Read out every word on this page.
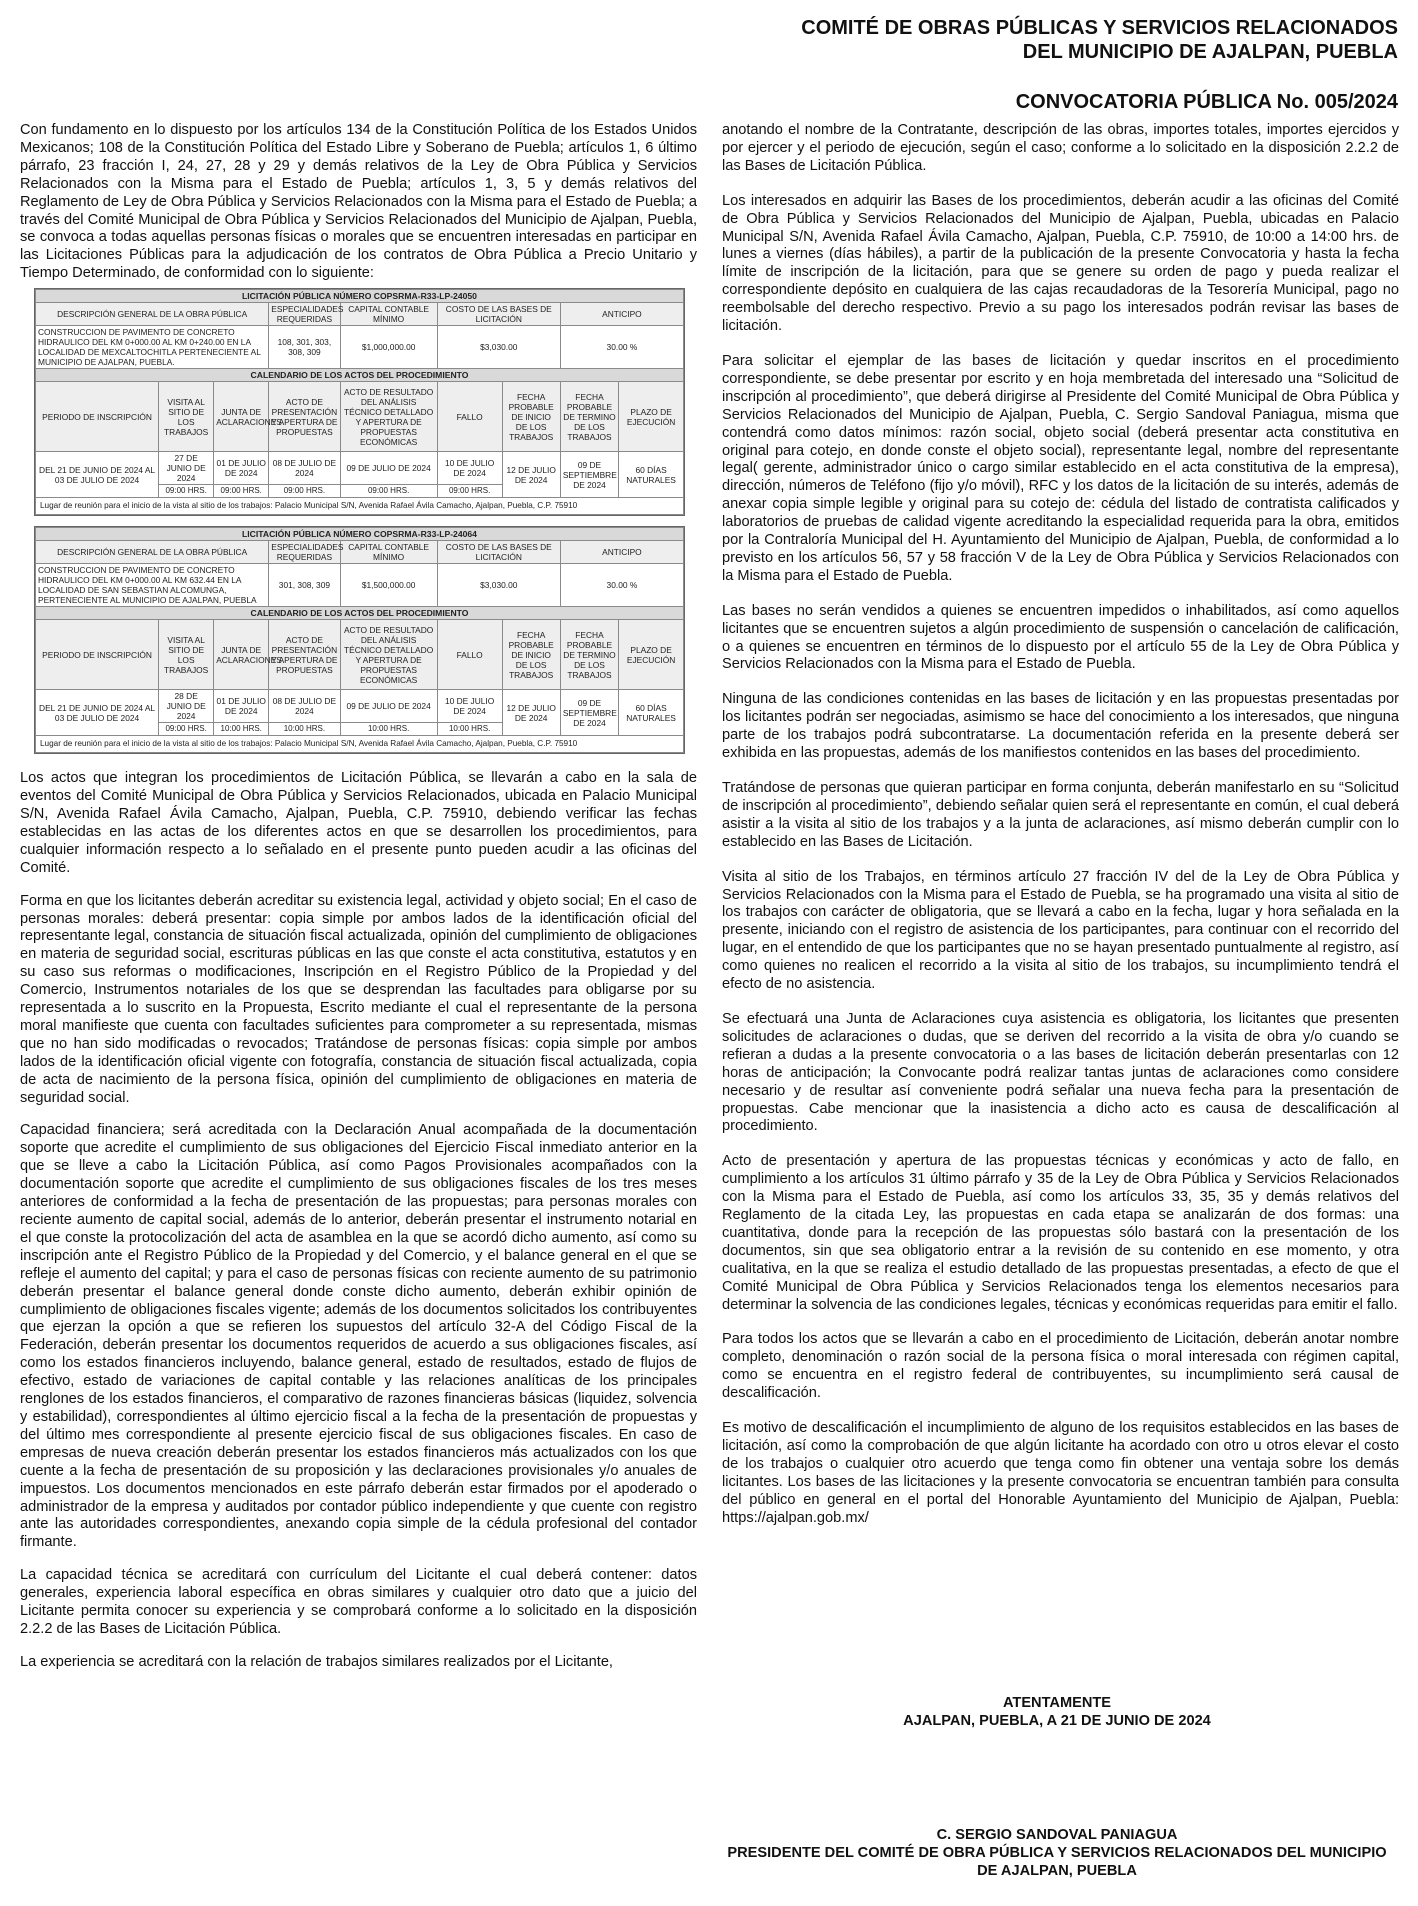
COMITÉ DE OBRAS PÚBLICAS Y SERVICIOS RELACIONADOS
DEL MUNICIPIO DE AJALPAN, PUEBLA
CONVOCATORIA PÚBLICA No. 005/2024

Con fundamento en lo dispuesto por los artículos 134 de la Constitución Política de los Estados Unidos Mexicanos; 108 de la Constitución Política del Estado Libre y Soberano de Puebla; artículos 1, 6 último párrafo, 23 fracción I, 24, 27, 28 y 29 y demás relativos de la Ley de Obra Pública y Servicios Relacionados con la Misma para el Estado de Puebla; artículos 1, 3, 5 y demás relativos del Reglamento de Ley de Obra Pública y Servicios Relacionados con la Misma para el Estado de Puebla; a través del Comité Municipal de Obra Pública y Servicios Relacionados del Municipio de Ajalpan, Puebla, se convoca a todas aquellas personas físicas o morales que se encuentren interesadas en participar en las Licitaciones Públicas para la adjudicación de los contratos de Obra Pública a Precio Unitario y Tiempo Determinado, de conformidad con lo siguiente:

LICITACIÓN PÚBLICA NÚMERO COPSRMA-R33-LP-24050								
DESCRIPCIÓN GENERAL DE LA OBRA PÚBLICA			ESPECIALIDADES REQUERIDAS	CAPITAL CONTABLE MÍNIMO	COSTO DE LAS BASES DE LICITACIÓN		ANTICIPO	
CONSTRUCCION DE PAVIMENTO DE CONCRETO HIDRAULICO DEL KM 0+000.00 AL KM 0+240.00 EN LA LOCALIDAD DE MEXCALTOCHITLA PERTENECIENTE AL MUNICIPIO DE AJALPAN, PUEBLA.			108, 301, 303, 308, 309	$1,000,000.00	$3,030.00		30.00 %	
CALENDARIO DE LOS ACTOS DEL PROCEDIMIENTO								
PERIODO DE INSCRIPCIÓN	VISITA AL SITIO DE LOS TRABAJOS	JUNTA DE ACLARACIONES	ACTO DE PRESENTACIÓN Y APERTURA DE PROPUESTAS	ACTO DE RESULTADO DEL ANÁLISIS TÉCNICO DETALLADO Y APERTURA DE PROPUESTAS ECONÓMICAS	FALLO	FECHA PROBABLE DE INICIO DE LOS TRABAJOS	FECHA PROBABLE DE TERMINO DE LOS TRABAJOS	PLAZO DE EJECUCIÓN
DEL 21 DE JUNIO DE 2024 AL 03 DE JULIO DE 2024	27 DE JUNIO DE 2024	01 DE JULIO DE 2024	08 DE JULIO DE 2024	09 DE JULIO DE 2024	10 DE JULIO DE 2024	12 DE JULIO DE 2024	09 DE SEPTIEMBRE DE 2024	60 DÍAS NATURALES
	09:00 HRS.	09:00 HRS.	09:00 HRS.	09:00 HRS.	09:00 HRS.			
Lugar de reunión para el inicio de la vista al sitio de los trabajos: Palacio Municipal S/N, Avenida Rafael Ávila Camacho, Ajalpan, Puebla, C.P. 75910								
LICITACIÓN PÚBLICA NÚMERO COPSRMA-R33-LP-24064								
DESCRIPCIÓN GENERAL DE LA OBRA PÚBLICA			ESPECIALIDADES REQUERIDAS	CAPITAL CONTABLE MÍNIMO	COSTO DE LAS BASES DE LICITACIÓN		ANTICIPO	
CONSTRUCCION DE PAVIMENTO DE CONCRETO HIDRAULICO DEL KM 0+000.00 AL KM 632.44 EN LA LOCALIDAD DE SAN SEBASTIAN ALCOMUNGA, PERTENECIENTE AL MUNICIPIO DE AJALPAN, PUEBLA			301, 308, 309	$1,500,000.00	$3,030.00		30.00 %	
CALENDARIO DE LOS ACTOS DEL PROCEDIMIENTO								
PERIODO DE INSCRIPCIÓN	VISITA AL SITIO DE LOS TRABAJOS	JUNTA DE ACLARACIONES	ACTO DE PRESENTACIÓN Y APERTURA DE PROPUESTAS	ACTO DE RESULTADO DEL ANÁLISIS TÉCNICO DETALLADO Y APERTURA DE PROPUESTAS ECONÓMICAS	FALLO	FECHA PROBABLE DE INICIO DE LOS TRABAJOS	FECHA PROBABLE DE TERMINO DE LOS TRABAJOS	PLAZO DE EJECUCIÓN
DEL 21 DE JUNIO DE 2024 AL 03 DE JULIO DE 2024	28 DE JUNIO DE 2024	01 DE JULIO DE 2024	08 DE JULIO DE 2024	09 DE JULIO DE 2024	10 DE JULIO DE 2024	12 DE JULIO DE 2024	09 DE SEPTIEMBRE DE 2024	60 DÍAS NATURALES
	09:00 HRS.	10:00 HRS.	10:00 HRS.	10:00 HRS.	10:00 HRS.			
Lugar de reunión para el inicio de la vista al sitio de los trabajos: Palacio Municipal S/N, Avenida Rafael Ávila Camacho, Ajalpan, Puebla, C.P. 75910								

Los actos que integran los procedimientos de Licitación Pública, se llevarán a cabo en la sala de eventos del Comité Municipal de Obra Pública y Servicios Relacionados, ubicada en Palacio Municipal S/N, Avenida Rafael Ávila Camacho, Ajalpan, Puebla, C.P. 75910, debiendo verificar las fechas establecidas en las actas de los diferentes actos en que se desarrollen los procedimientos, para cualquier información respecto a lo señalado en el presente punto pueden acudir a las oficinas del Comité.

Forma en que los licitantes deberán acreditar su existencia legal, actividad y objeto social; En el caso de personas morales: deberá presentar: copia simple por ambos lados de la identificación oficial del representante legal, constancia de situación fiscal actualizada, opinión del cumplimiento de obligaciones en materia de seguridad social, escrituras públicas en las que conste el acta constitutiva, estatutos y en su caso sus reformas o modificaciones, Inscripción en el Registro Público de la Propiedad y del Comercio, Instrumentos notariales de los que se desprendan las facultades para obligarse por su representada a lo suscrito en la Propuesta, Escrito mediante el cual el representante de la persona moral manifieste que cuenta con facultades suficientes para comprometer a su representada, mismas que no han sido modificadas o revocados; Tratándose de personas físicas: copia simple por ambos lados de la identificación oficial vigente con fotografía, constancia de situación fiscal actualizada, copia de acta de nacimiento de la persona física, opinión del cumplimiento de obligaciones en materia de seguridad social.

Capacidad financiera; será acreditada con la Declaración Anual acompañada de la documentación soporte que acredite el cumplimiento de sus obligaciones del Ejercicio Fiscal inmediato anterior en la que se lleve a cabo la Licitación Pública, así como Pagos Provisionales acompañados con la documentación soporte que acredite el cumplimiento de sus obligaciones fiscales de los tres meses anteriores de conformidad a la fecha de presentación de las propuestas; para personas morales con reciente aumento de capital social, además de lo anterior, deberán presentar el instrumento notarial en el que conste la protocolización del acta de asamblea en la que se acordó dicho aumento, así como su inscripción ante el Registro Público de la Propiedad y del Comercio, y el balance general en el que se refleje el aumento del capital; y para el caso de personas físicas con reciente aumento de su patrimonio deberán presentar el balance general donde conste dicho aumento, deberán exhibir opinión de cumplimiento de obligaciones fiscales vigente; además de los documentos solicitados los contribuyentes que ejerzan la opción a que se refieren los supuestos del artículo 32-A del Código Fiscal de la Federación, deberán presentar los documentos requeridos de acuerdo a sus obligaciones fiscales, así como los estados financieros incluyendo, balance general, estado de resultados, estado de flujos de efectivo, estado de variaciones de capital contable y las relaciones analíticas de los principales renglones de los estados financieros, el comparativo de razones financieras básicas (liquidez, solvencia y estabilidad), correspondientes al último ejercicio fiscal a la fecha de la presentación de propuestas y del último mes correspondiente al presente ejercicio fiscal de sus obligaciones fiscales. En caso de empresas de nueva creación deberán presentar los estados financieros más actualizados con los que cuente a la fecha de presentación de su proposición y las declaraciones provisionales y/o anuales de impuestos. Los documentos mencionados en este párrafo deberán estar firmados por el apoderado o administrador de la empresa y auditados por contador público independiente y que cuente con registro ante las autoridades correspondientes, anexando copia simple de la cédula profesional del contador firmante.

La capacidad técnica se acreditará con currículum del Licitante el cual deberá contener: datos generales, experiencia laboral específica en obras similares y cualquier otro dato que a juicio del Licitante permita conocer su experiencia y se comprobará conforme a lo solicitado en la disposición 2.2.2 de las Bases de Licitación Pública.

La experiencia se acreditará con la relación de trabajos similares realizados por el Licitante,

anotando el nombre de la Contratante, descripción de las obras, importes totales, importes ejercidos y por ejercer y el periodo de ejecución, según el caso; conforme a lo solicitado en la disposición 2.2.2 de las Bases de Licitación Pública.

Los interesados en adquirir las Bases de los procedimientos, deberán acudir a las oficinas del Comité de Obra Pública y Servicios Relacionados del Municipio de Ajalpan, Puebla, ubicadas en Palacio Municipal S/N, Avenida Rafael Ávila Camacho, Ajalpan, Puebla, C.P. 75910, de 10:00 a 14:00 hrs. de lunes a viernes (días hábiles), a partir de la publicación de la presente Convocatoria y hasta la fecha límite de inscripción de la licitación, para que se genere su orden de pago y pueda realizar el correspondiente depósito en cualquiera de las cajas recaudadoras de la Tesorería Municipal, pago no reembolsable del derecho respectivo. Previo a su pago los interesados podrán revisar las bases de licitación.

Para solicitar el ejemplar de las bases de licitación y quedar inscritos en el procedimiento correspondiente, se debe presentar por escrito y en hoja membretada del interesado una “Solicitud de inscripción al procedimiento”, que deberá dirigirse al Presidente del Comité Municipal de Obra Pública y Servicios Relacionados del Municipio de Ajalpan, Puebla, C. Sergio Sandoval Paniagua, misma que contendrá como datos mínimos: razón social, objeto social (deberá presentar acta constitutiva en original para cotejo, en donde conste el objeto social), representante legal, nombre del representante legal( gerente, administrador único o cargo similar establecido en el acta constitutiva de la empresa), dirección, números de Teléfono (fijo y/o móvil), RFC y los datos de la licitación de su interés, además de anexar copia simple legible y original para su cotejo de: cédula del listado de contratista calificados y laboratorios de pruebas de calidad vigente acreditando la especialidad requerida para la obra, emitidos por la Contraloría Municipal del H. Ayuntamiento del Municipio de Ajalpan, Puebla, de conformidad a lo previsto en los artículos 56, 57 y 58 fracción V de la Ley de Obra Pública y Servicios Relacionados con la Misma para el Estado de Puebla.

Las bases no serán vendidos a quienes se encuentren impedidos o inhabilitados, así como aquellos licitantes que se encuentren sujetos a algún procedimiento de suspensión o cancelación de calificación, o a quienes se encuentren en términos de lo dispuesto por el artículo 55 de la Ley de Obra Pública y Servicios Relacionados con la Misma para el Estado de Puebla.

Ninguna de las condiciones contenidas en las bases de licitación y en las propuestas presentadas por los licitantes podrán ser negociadas, asimismo se hace del conocimiento a los interesados, que ninguna parte de los trabajos podrá subcontratarse. La documentación referida en la presente deberá ser exhibida en las propuestas, además de los manifiestos contenidos en las bases del procedimiento.

Tratándose de personas que quieran participar en forma conjunta, deberán manifestarlo en su “Solicitud de inscripción al procedimiento”, debiendo señalar quien será el representante en común, el cual deberá asistir a la visita al sitio de los trabajos y a la junta de aclaraciones, así mismo deberán cumplir con lo establecido en las Bases de Licitación.

Visita al sitio de los Trabajos, en términos artículo 27 fracción IV del de la Ley de Obra Pública y Servicios Relacionados con la Misma para el Estado de Puebla, se ha programado una visita al sitio de los trabajos con carácter de obligatoria, que se llevará a cabo en la fecha, lugar y hora señalada en la presente, iniciando con el registro de asistencia de los participantes, para continuar con el recorrido del lugar, en el entendido de que los participantes que no se hayan presentado puntualmente al registro, así como quienes no realicen el recorrido a la visita al sitio de los trabajos, su incumplimiento tendrá el efecto de no asistencia.

Se efectuará una Junta de Aclaraciones cuya asistencia es obligatoria, los licitantes que presenten solicitudes de aclaraciones o dudas, que se deriven del recorrido a la visita de obra y/o cuando se refieran a dudas a la presente convocatoria o a las bases de licitación deberán presentarlas con 12 horas de anticipación; la Convocante podrá realizar tantas juntas de aclaraciones como considere necesario y de resultar así conveniente podrá señalar una nueva fecha para la presentación de propuestas. Cabe mencionar que la inasistencia a dicho acto es causa de descalificación al procedimiento.

Acto de presentación y apertura de las propuestas técnicas y económicas y acto de fallo, en cumplimiento a los artículos 31 último párrafo y 35 de la Ley de Obra Pública y Servicios Relacionados con la Misma para el Estado de Puebla, así como los artículos 33, 35, 35 y demás relativos del Reglamento de la citada Ley, las propuestas en cada etapa se analizarán de dos formas: una cuantitativa, donde para la recepción de las propuestas sólo bastará con la presentación de los documentos, sin que sea obligatorio entrar a la revisión de su contenido en ese momento, y otra cualitativa, en la que se realiza el estudio detallado de las propuestas presentadas, a efecto de que el Comité Municipal de Obra Pública y Servicios Relacionados tenga los elementos necesarios para determinar la solvencia de las condiciones legales, técnicas y económicas requeridas para emitir el fallo.

Para todos los actos que se llevarán a cabo en el procedimiento de Licitación, deberán anotar nombre completo, denominación o razón social de la persona física o moral interesada con régimen capital, como se encuentra en el registro federal de contribuyentes, su incumplimiento será causal de descalificación.

Es motivo de descalificación el incumplimiento de alguno de los requisitos establecidos en las bases de licitación, así como la comprobación de que algún licitante ha acordado con otro u otros elevar el costo de los trabajos o cualquier otro acuerdo que tenga como fin obtener una ventaja sobre los demás licitantes. Los bases de las licitaciones y la presente convocatoria se encuentran también para consulta del público en general en el portal del Honorable Ayuntamiento del Municipio de Ajalpan, Puebla: https://ajalpan.gob.mx/

ATENTAMENTE
AJALPAN, PUEBLA, A 21 DE JUNIO DE 2024
C. SERGIO SANDOVAL PANIAGUA
PRESIDENTE DEL COMITÉ DE OBRA PÚBLICA Y SERVICIOS RELACIONADOS DEL MUNICIPIO
DE AJALPAN, PUEBLA
